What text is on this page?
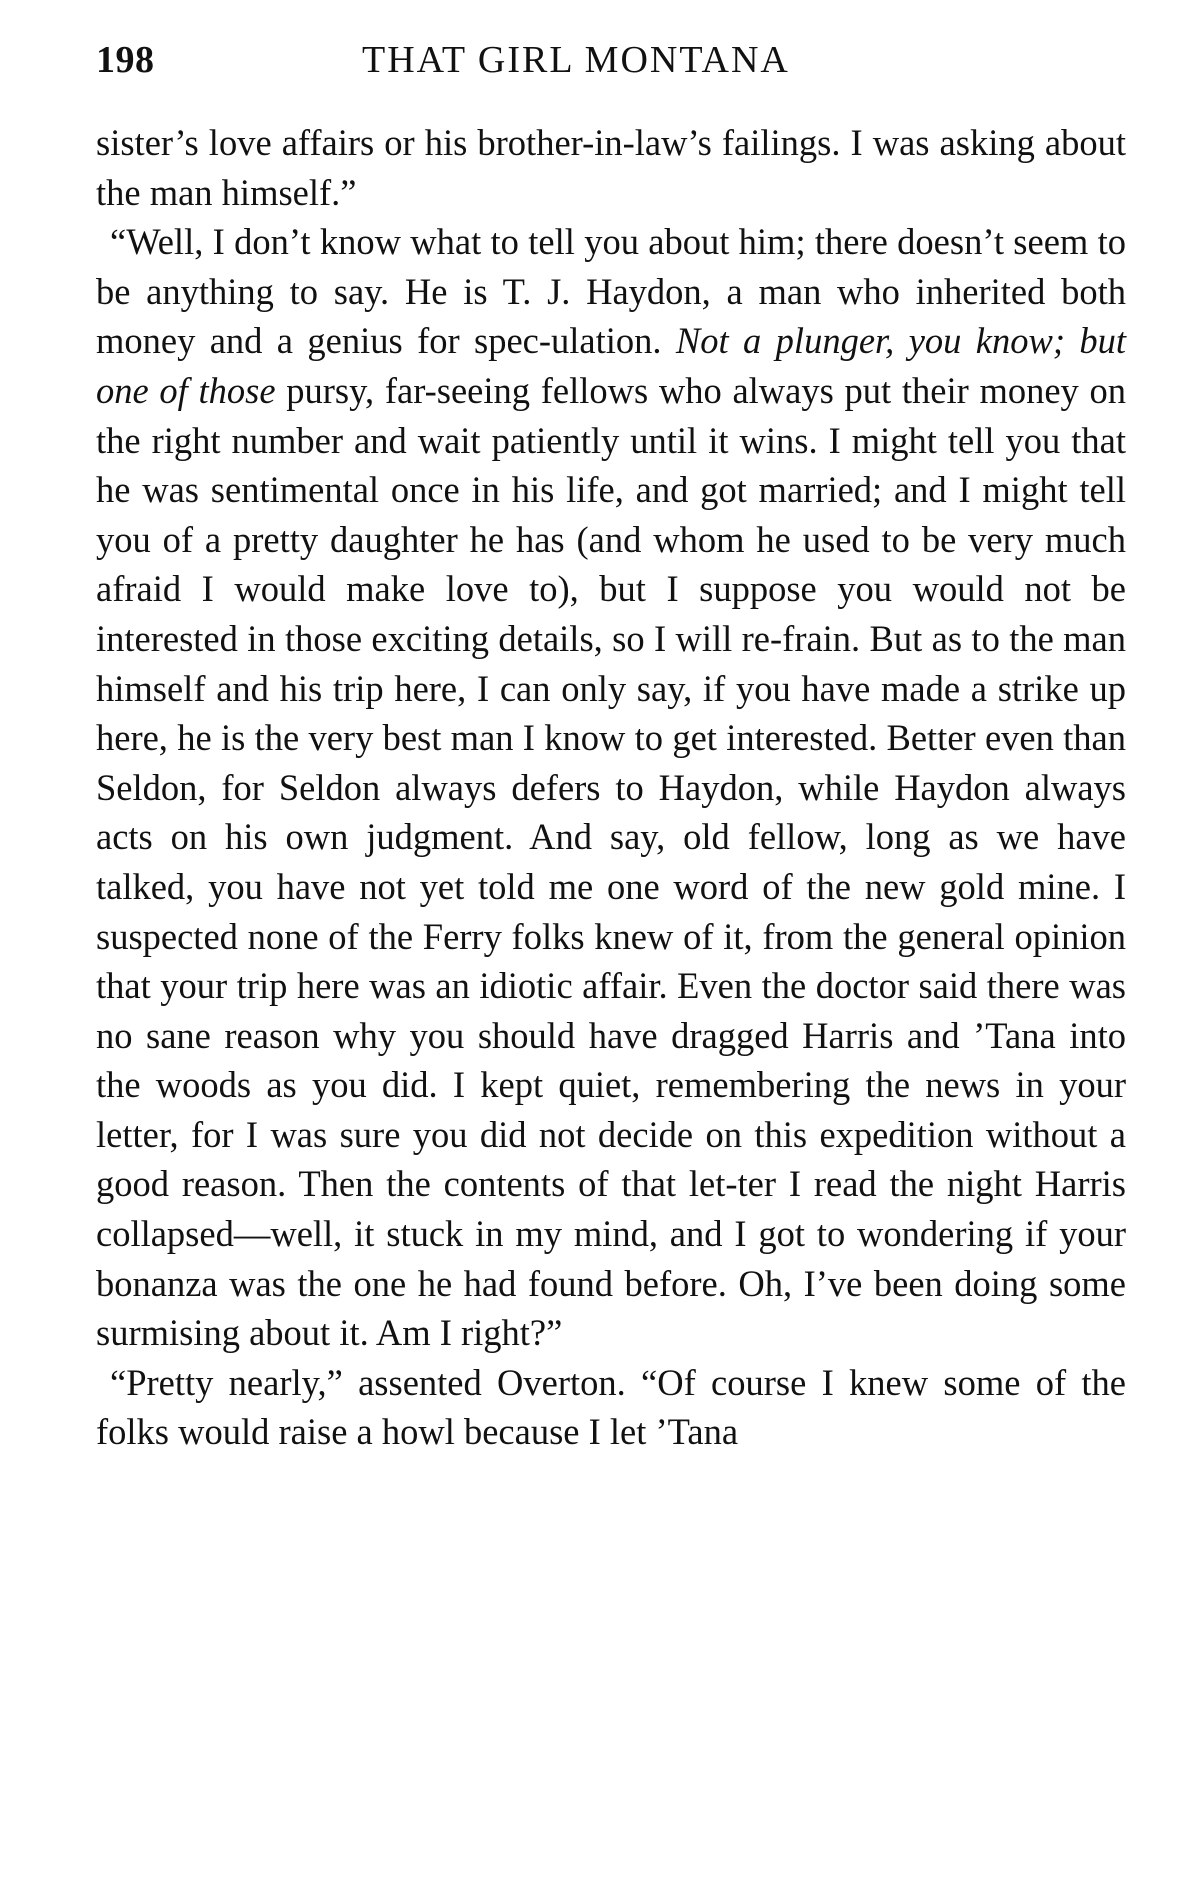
198	THAT GIRL MONTANA

sister’s love affairs or his brother-in-law’s failings. I was asking about the man himself.”

“Well, I don’t know what to tell you about him; there doesn’t seem to be anything to say. He is T. J. Haydon, a man who inherited both money and a genius for spec-ulation. Not a plunger, you know; but one of those pursy, far-seeing fellows who always put their money on the right number and wait patiently until it wins. I might tell you that he was sentimental once in his life, and got married; and I might tell you of a pretty daughter he has (and whom he used to be very much afraid I would make love to), but I suppose you would not be interested in those exciting details, so I will re-frain. But as to the man himself and his trip here, I can only say, if you have made a strike up here, he is the very best man I know to get interested. Better even than Seldon, for Seldon always defers to Haydon, while Haydon always acts on his own judgment. And say, old fellow, long as we have talked, you have not yet told me one word of the new gold mine. I suspected none of the Ferry folks knew of it, from the general opinion that your trip here was an idiotic affair. Even the doctor said there was no sane reason why you should have dragged Harris and ’Tana into the woods as you did. I kept quiet, remembering the news in your letter, for I was sure you did not decide on this expedition without a good reason. Then the contents of that let-ter I read the night Harris collapsed—well, it stuck in my mind, and I got to wondering if your bonanza was the one he had found before. Oh, I’ve been doing some surmising about it. Am I right?”

“Pretty nearly,” assented Overton. “Of course I knew some of the folks would raise a howl because I let ’Tana
